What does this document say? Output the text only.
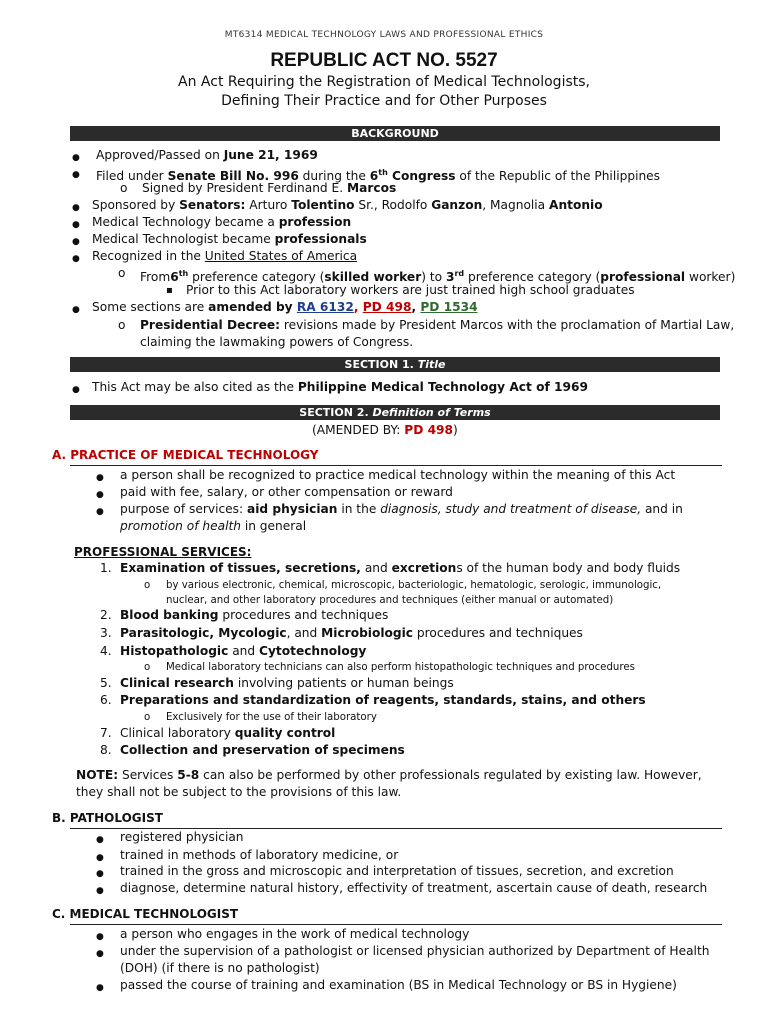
MT6314 MEDICAL TECHNOLOGY LAWS AND PROFESSIONAL ETHICS
REPUBLIC ACT NO. 5527
An Act Requiring the Registration of Medical Technologists,
Defining Their Practice and for Other Purposes
BACKGROUND
● Approved/Passed on June 21, 1969
● Filed under Senate Bill No. 996 during the 6th Congress of the Republic of the Philippines
o Signed by President Ferdinand E. Marcos
● Sponsored by Senators: Arturo Tolentino Sr., Rodolfo Ganzon, Magnolia Antonio
● Medical Technology became a profession
● Medical Technologist became professionals
● Recognized in the United States of America
o From6th preference category (skilled worker) to 3rd preference category (professional worker)
▪ Prior to this Act laboratory workers are just trained high school graduates
● Some sections are amended by RA 6132, PD 498, PD 1534
o Presidential Decree: revisions made by President Marcos with the proclamation of Martial Law,
claiming the lawmaking powers of Congress.
SECTION 1. Title
● This Act may be also cited as the Philippine Medical Technology Act of 1969
SECTION 2. Definition of Terms
(AMENDED BY: PD 498)
A. PRACTICE OF MEDICAL TECHNOLOGY
● a person shall be recognized to practice medical technology within the meaning of this Act
● paid with fee, salary, or other compensation or reward
● purpose of services: aid physician in the diagnosis, study and treatment of disease, and in
promotion of health in general
PROFESSIONAL SERVICES:
1. Examination of tissues, secretions, and excretions of the human body and body fluids
o by various electronic, chemical, microscopic, bacteriologic, hematologic, serologic, immunologic,
nuclear, and other laboratory procedures and techniques (either manual or automated)
2. Blood banking procedures and techniques
3. Parasitologic, Mycologic, and Microbiologic procedures and techniques
4. Histopathologic and Cytotechnology
o Medical laboratory technicians can also perform histopathologic techniques and procedures
5. Clinical research involving patients or human beings
6. Preparations and standardization of reagents, standards, stains, and others
o Exclusively for the use of their laboratory
7. Clinical laboratory quality control
8. Collection and preservation of specimens
NOTE: Services 5-8 can also be performed by other professionals regulated by existing law. However,
they shall not be subject to the provisions of this law.
B. PATHOLOGIST
● registered physician
● trained in methods of laboratory medicine, or
● trained in the gross and microscopic and interpretation of tissues, secretion, and excretion
● diagnose, determine natural history, effectivity of treatment, ascertain cause of death, research
C. MEDICAL TECHNOLOGIST
● a person who engages in the work of medical technology
● under the supervision of a pathologist or licensed physician authorized by Department of Health
(DOH) (if there is no pathologist)
● passed the course of training and examination (BS in Medical Technology or BS in Hygiene)
